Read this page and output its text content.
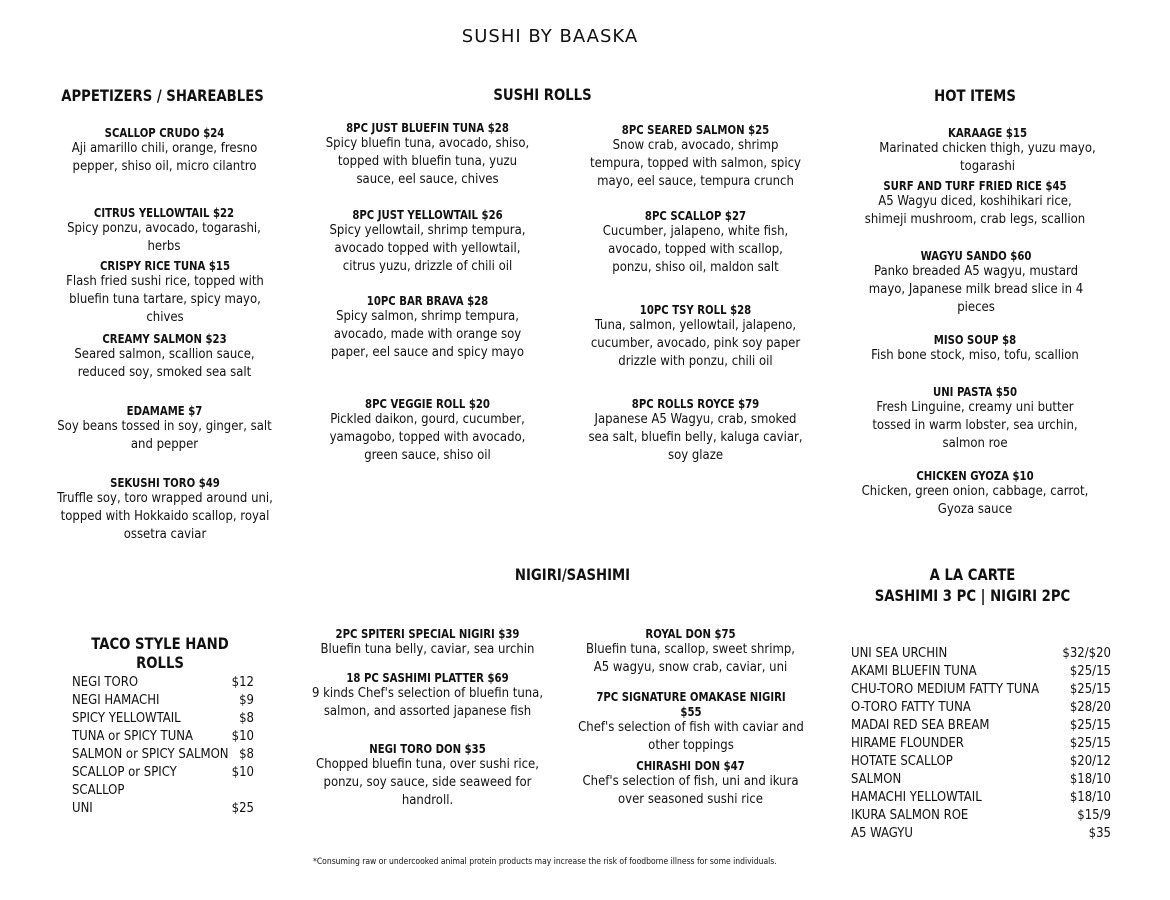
SUSHI BY BAASKA
APPETIZERS / SHAREABLES
SCALLOP CRUDO $24
Aji amarillo chili, orange, fresno pepper, shiso oil, micro cilantro
CITRUS YELLOWTAIL $22
Spicy ponzu, avocado, togarashi, herbs
CRISPY RICE TUNA $15
Flash fried sushi rice, topped with bluefin tuna tartare, spicy mayo, chives
CREAMY SALMON $23
Seared salmon, scallion sauce, reduced soy, smoked sea salt
EDAMAME $7
Soy beans tossed in soy, ginger, salt and pepper
SEKUSHI TORO $49
Truffle soy, toro wrapped around uni, topped with Hokkaido scallop, royal ossetra caviar
SUSHI ROLLS
8PC JUST BLUEFIN TUNA $28
Spicy bluefin tuna, avocado, shiso, topped with bluefin tuna, yuzu sauce, eel sauce, chives
8PC JUST YELLOWTAIL $26
Spicy yellowtail, shrimp tempura, avocado topped with yellowtail, citrus yuzu, drizzle of chili oil
10PC BAR BRAVA $28
Spicy salmon, shrimp tempura, avocado, made with orange soy paper, eel sauce and spicy mayo
8PC VEGGIE ROLL $20
Pickled daikon, gourd, cucumber, yamagobo, topped with avocado, green sauce, shiso oil
8PC SEARED SALMON $25
Snow crab, avocado, shrimp tempura, topped with salmon, spicy mayo, eel sauce, tempura crunch
8PC SCALLOP $27
Cucumber, jalapeno, white fish, avocado, topped with scallop, ponzu, shiso oil, maldon salt
10PC TSY ROLL $28
Tuna, salmon, yellowtail, jalapeno, cucumber, avocado, pink soy paper drizzle with ponzu, chili oil
8PC ROLLS ROYCE $79
Japanese A5 Wagyu, crab, smoked sea salt, bluefin belly, kaluga caviar, soy glaze
HOT ITEMS
KARAAGE $15
Marinated chicken thigh, yuzu mayo, togarashi
SURF AND TURF FRIED RICE $45
A5 Wagyu diced, koshihikari rice, shimeji mushroom, crab legs, scallion
WAGYU SANDO $60
Panko breaded A5 wagyu, mustard mayo, Japanese milk bread slice in 4 pieces
MISO SOUP $8
Fish bone stock, miso, tofu, scallion
UNI PASTA $50
Fresh Linguine, creamy uni butter tossed in warm lobster, sea urchin, salmon roe
CHICKEN GYOZA $10
Chicken, green onion, cabbage, carrot, Gyoza sauce
NIGIRI/SASHIMI	A LA CARTE
SASHIMI 3 PC | NIGIRI 2PC
TACO STYLE HAND ROLLS
NEGI TORO	$12
NEGI HAMACHI	$9
SPICY YELLOWTAIL	$8
TUNA or SPICY TUNA	$10
SALMON or SPICY SALMON $8
SCALLOP or SPICY SCALLOP
$10
UNI	$25
2PC SPITERI SPECIAL NIGIRI $39
Bluefin tuna belly, caviar, sea urchin
18 PC SASHIMI PLATTER $69
9 kinds Chef's selection of bluefin tuna, salmon, and assorted japanese fish
NEGI TORO DON $35
Chopped bluefin tuna, over sushi rice, ponzu, soy sauce, side seaweed for handroll.
ROYAL DON $75
Bluefin tuna, scallop, sweet shrimp, A5 wagyu, snow crab, caviar, uni
7PC SIGNATURE OMAKASE NIGIRI $55
Chef's selection of fish with caviar and other toppings
CHIRASHI DON $47
Chef's selection of fish, uni and ikura over seasoned sushi rice
UNI SEA URCHIN	$32/$20
AKAMI BLUEFIN TUNA	$25/15
CHU-TORO MEDIUM FATTY TUNA $25/15
O-TORO FATTY TUNA	$28/20
MADAI RED SEA BREAM	$25/15
HIRAME FLOUNDER	$25/15
HOTATE SCALLOP	$20/12
SALMON	$18/10
HAMACHI YELLOWTAIL	$18/10
IKURA SALMON ROE	$15/9
A5 WAGYU	$35
*Consuming raw or undercooked animal protein products may increase the risk of foodborne illness for some individuals.
